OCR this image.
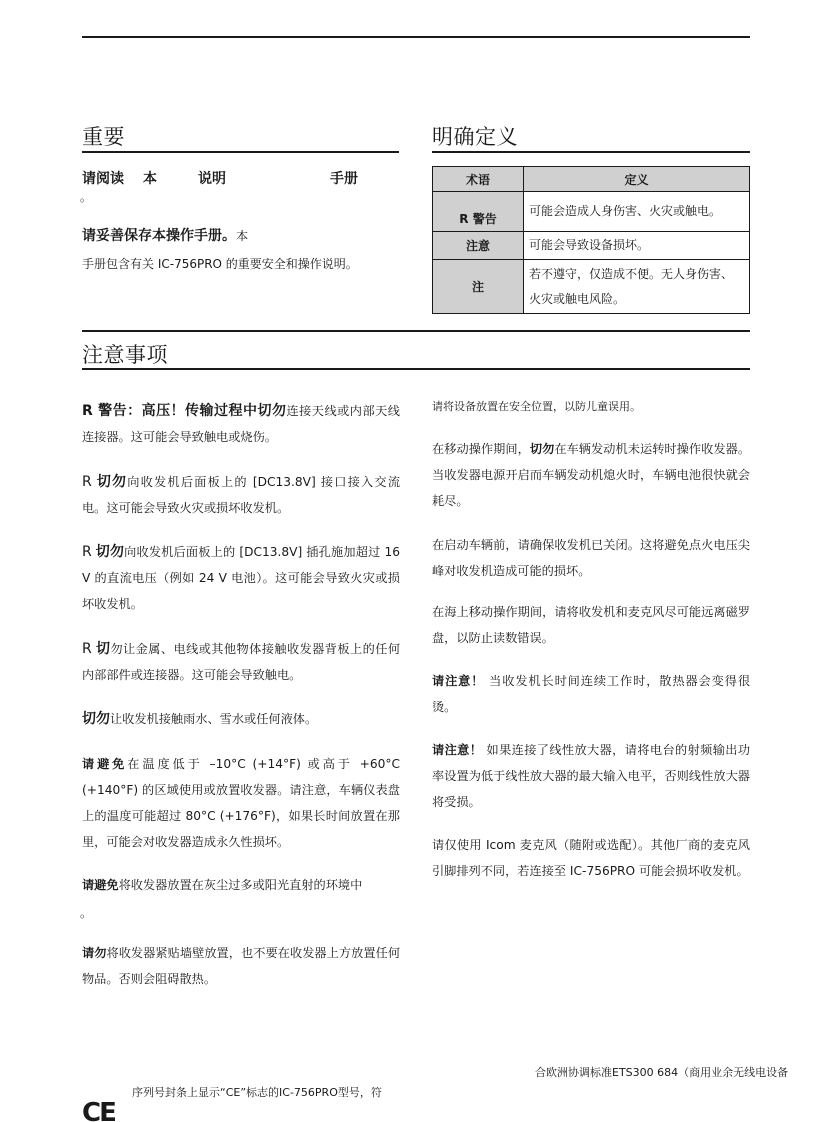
重要
请阅读 本	说明	手册
。
请妥善保存本操作手册。本
手册包含有关 IC-756PRO 的重要安全和操作说明。
明确定义
术语	定义
R 警告	可能会造成人身伤害、火灾或触电。
注意	可能会导致设备损坏。
注	若不遵守，仅造成不便。无人身伤害、火灾或触电风险。
注意事项

R 警告：高压！传输过程中切勿连接天线或内部天线连接器。这可能会导致触电或烧伤。

R 切勿向收发机后面板上的 [DC13.8V] 接口接入交流电。这可能会导致火灾或损坏收发机。

R 切勿向收发机后面板上的 [DC13.8V] 插孔施加超过 16 V 的直流电压（例如 24 V 电池）。这可能会导致火灾或损坏收发机。

R 切勿让金属、电线或其他物体接触收发器背板上的任何内部部件或连接器。这可能会导致触电。

切勿让收发机接触雨水、雪水或任何液体。

请避免在温度低于 –10°C (+14°F) 或高于 +60°C (+140°F) 的区域使用或放置收发器。请注意，车辆仪表盘上的温度可能超过 80°C (+176°F)，如果长时间放置在那里，可能会对收发器造成永久性损坏。

请避免将收发器放置在灰尘过多或阳光直射的环境中

。

请勿将收发器紧贴墙壁放置，也不要在收发器上方放置任何物品。否则会阻碍散热。

请将设备放置在安全位置，以防儿童误用。

在移动操作期间，切勿在车辆发动机未运转时操作收发器。当收发器电源开启而车辆发动机熄火时，车辆电池很快就会耗尽。

在启动车辆前，请确保收发机已关闭。这将避免点火电压尖峰对收发机造成可能的损坏。

在海上移动操作期间，请将收发机和麦克风尽可能远离磁罗盘，以防止读数错误。

请注意！ 当收发机长时间连续工作时，散热器会变得很烫。

请注意！ 如果连接了线性放大器，请将电台的射频输出功率设置为低于线性放大器的最大输入电平，否则线性放大器将受损。

请仅使用 Icom 麦克风（随附或选配）。其他厂商的麦克风引脚排列不同，若连接至 IC-756PRO 可能会损坏收发机。

合欧洲协调标准ETS300 684（商用业余无线电设备
序列号封条上显示“CE”标志的IC-756PRO型号，符
CE
